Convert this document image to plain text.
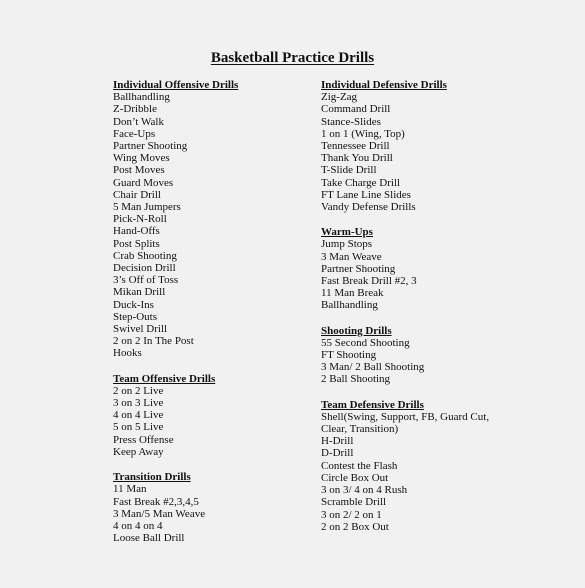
Basketball Practice Drills
Individual Offensive Drills
Ballhandling
Z-Dribble
Don’t Walk
Face-Ups
Partner Shooting
Wing Moves
Post Moves
Guard Moves
Chair Drill
5 Man Jumpers
Pick-N-Roll
Hand-Offs
Post Splits
Crab Shooting
Decision Drill
3’s Off of Toss
Mikan Drill
Duck-Ins
Step-Outs
Swivel Drill
2 on 2 In The Post
Hooks
Team Offensive Drills
2 on 2 Live
3 on 3 Live
4 on 4 Live
5 on 5 Live
Press Offense
Keep Away
Transition Drills
11 Man
Fast Break #2,3,4,5
3 Man/5 Man Weave
4 on 4 on 4
Loose Ball Drill
Individual Defensive Drills
Zig-Zag
Command Drill
Stance-Slides
1 on 1 (Wing, Top)
Tennessee Drill
Thank You Drill
T-Slide Drill
Take Charge Drill
FT Lane Line Slides
Vandy Defense Drills
Warm-Ups
Jump Stops
3 Man Weave
Partner Shooting
Fast Break Drill #2, 3
11 Man Break
Ballhandling
Shooting Drills
55 Second Shooting
FT Shooting
3 Man/ 2 Ball Shooting
2 Ball Shooting
Team Defensive Drills
Shell(Swing, Support, FB, Guard Cut,
Clear, Transition)
H-Drill
D-Drill
Contest the Flash
Circle Box Out
3 on 3/ 4 on 4 Rush
Scramble Drill
3 on 2/ 2 on 1
2 on 2 Box Out
